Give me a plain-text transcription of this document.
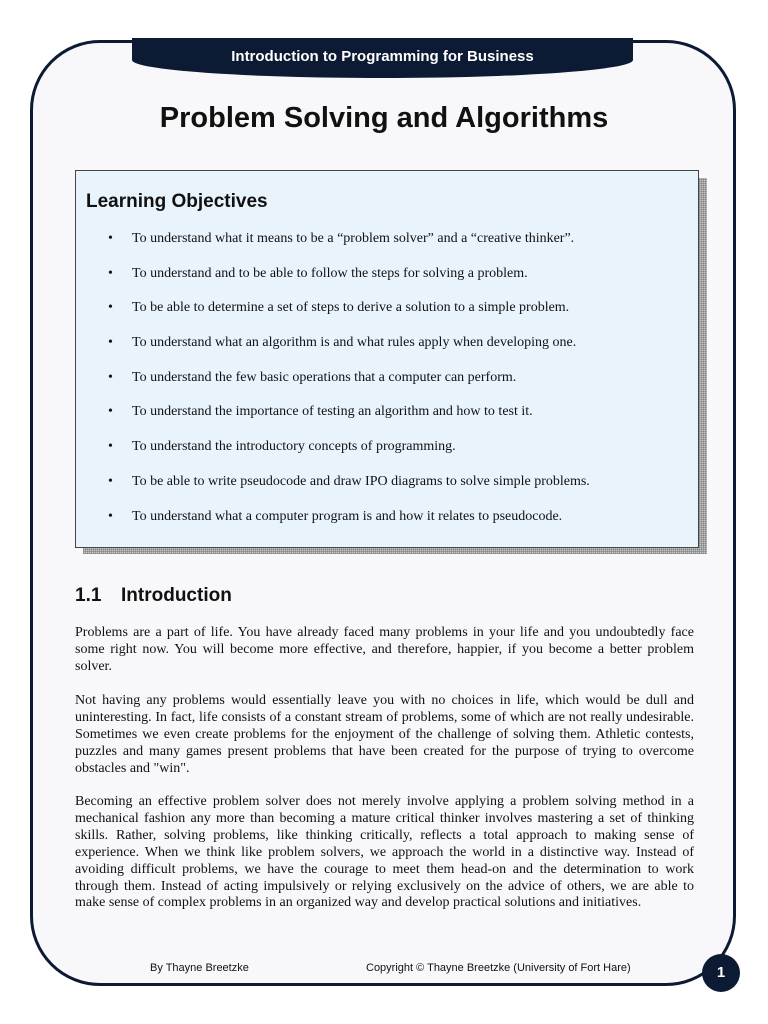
Introduction to Programming for Business
Problem Solving and Algorithms
Learning Objectives
• To understand what it means to be a “problem solver” and a “creative thinker”.
• To understand and to be able to follow the steps for solving a problem.
• To be able to determine a set of steps to derive a solution to a simple problem.
• To understand what an algorithm is and what rules apply when developing one.
• To understand the few basic operations that a computer can perform.
• To understand the importance of testing an algorithm and how to test it.
• To understand the introductory concepts of programming.
• To be able to write pseudocode and draw IPO diagrams to solve simple problems.
• To understand what a computer program is and how it relates to pseudocode.
1.1 Introduction

Problems are a part of life. You have already faced many problems in your life and you undoubtedly face some right now. You will become more effective, and therefore, happier, if you become a better problem solver.

Not having any problems would essentially leave you with no choices in life, which would be dull and uninteresting. In fact, life consists of a constant stream of problems, some of which are not really undesirable. Sometimes we even create problems for the enjoyment of the challenge of solving them. Athletic contests, puzzles and many games present problems that have been created for the purpose of trying to overcome obstacles and "win".

Becoming an effective problem solver does not merely involve applying a problem solving method in a mechanical fashion any more than becoming a mature critical thinker involves mastering a set of thinking skills. Rather, solving problems, like thinking critically, reflects a total approach to making sense of experience. When we think like problem solvers, we approach the world in a distinctive way. Instead of avoiding difficult problems, we have the courage to meet them head-on and the determination to work through them. Instead of acting impulsively or relying exclusively on the advice of others, we are able to make sense of complex problems in an organized way and develop practical solutions and initiatives.

By Thayne Breetzke	Copyright © Thayne Breetzke (University of Fort Hare)	1
